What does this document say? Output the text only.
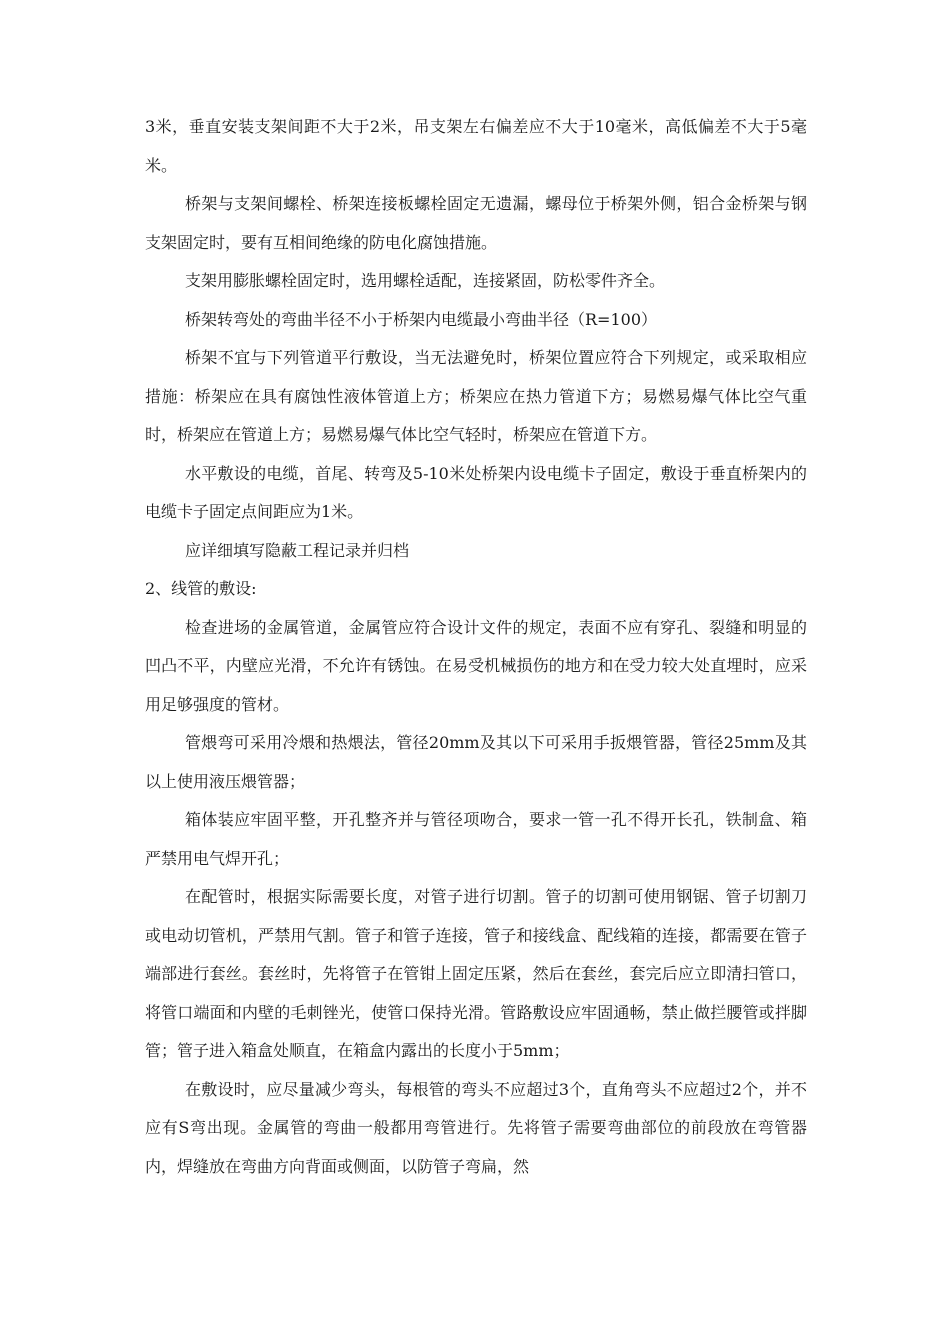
3米，垂直安装支架间距不大于2米，吊支架左右偏差应不大于10毫米，高低偏差不大于5毫米。

桥架与支架间螺栓、桥架连接板螺栓固定无遗漏，螺母位于桥架外侧，铝合金桥架与钢支架固定时，要有互相间绝缘的防电化腐蚀措施。

支架用膨胀螺栓固定时，选用螺栓适配，连接紧固，防松零件齐全。

桥架转弯处的弯曲半径不小于桥架内电缆最小弯曲半径（R=100）

桥架不宜与下列管道平行敷设，当无法避免时，桥架位置应符合下列规定，或采取相应措施：桥架应在具有腐蚀性液体管道上方；桥架应在热力管道下方；易燃易爆气体比空气重时，桥架应在管道上方；易燃易爆气体比空气轻时，桥架应在管道下方。

水平敷设的电缆，首尾、转弯及5-10米处桥架内设电缆卡子固定，敷设于垂直桥架内的电缆卡子固定点间距应为1米。

应详细填写隐蔽工程记录并归档

2、线管的敷设:

检查进场的金属管道，金属管应符合设计文件的规定，表面不应有穿孔、裂缝和明显的凹凸不平，内壁应光滑，不允许有锈蚀。在易受机械损伤的地方和在受力较大处直埋时，应采用足够强度的管材。

管煨弯可采用冷煨和热煨法，管径20mm及其以下可采用手扳煨管器，管径25mm及其以上使用液压煨管器；

箱体装应牢固平整，开孔整齐并与管径项吻合，要求一管一孔不得开长孔，铁制盒、箱严禁用电气焊开孔；

在配管时，根据实际需要长度，对管子进行切割。管子的切割可使用钢锯、管子切割刀或电动切管机，严禁用气割。管子和管子连接，管子和接线盒、配线箱的连接，都需要在管子端部进行套丝。套丝时，先将管子在管钳上固定压紧，然后在套丝，套完后应立即清扫管口，将管口端面和内壁的毛刺锉光，使管口保持光滑。管路敷设应牢固通畅，禁止做拦腰管或拌脚管；管子进入箱盒处顺直，在箱盒内露出的长度小于5mm；

在敷设时，应尽量减少弯头，每根管的弯头不应超过3个，直角弯头不应超过2个，并不应有S弯出现。金属管的弯曲一般都用弯管进行。先将管子需要弯曲部位的前段放在弯管器内，焊缝放在弯曲方向背面或侧面，以防管子弯扁，然
